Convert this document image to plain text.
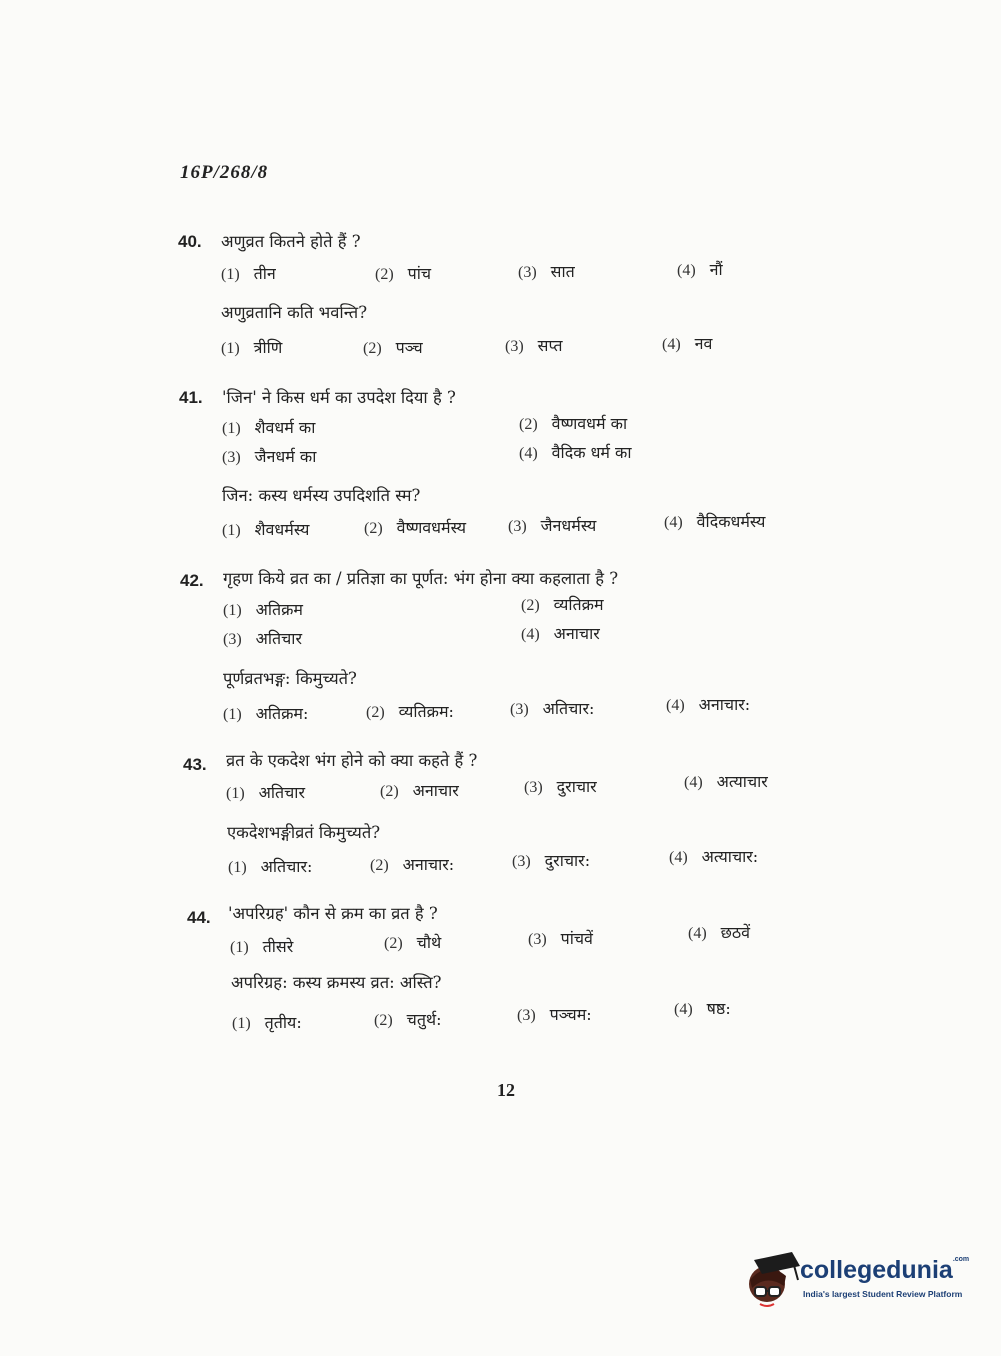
16P/268/8
40. अणुव्रत कितने होते हैं ?
(1) तीन	(2) पांच	(3) सात	(4) नौं
अणुव्रतानि कति भवन्ति?
(1) त्रीणि	(2) पञ्च	(3) सप्त	(4) नव
41. 'जिन' ने किस धर्म का उपदेश दिया है ?
(1) शैवधर्म का	(2) वैष्णवधर्म का
(3) जैनधर्म का	(4) वैदिक धर्म का
जिन: कस्य धर्मस्य उपदिशति स्म?
(1) शैवधर्मस्य	(2) वैष्णवधर्मस्य	(3) जैनधर्मस्य	(4) वैदिकधर्मस्य
42. गृहण किये व्रत का / प्रतिज्ञा का पूर्णत: भंग होना क्या कहलाता है ?
(1) अतिक्रम	(2) व्यतिक्रम
(3) अतिचार	(4) अनाचार
पूर्णव्रतभङ्ग: किमुच्यते?
(1) अतिक्रम:	(2) व्यतिक्रम:	(3) अतिचार:	(4) अनाचार:
43. व्रत के एकदेश भंग होने को क्या कहते हैं ?
(1) अतिचार	(2) अनाचार	(3) दुराचार	(4) अत्याचार
एकदेशभङ्गीव्रतं किमुच्यते?
(1) अतिचार:	(2) अनाचार:	(3) दुराचार:	(4) अत्याचार:
44. 'अपरिग्रह' कौन से क्रम का व्रत है ?
(1) तीसरे	(2) चौथे	(3) पांचवें	(4) छठवें
अपरिग्रह: कस्य क्रमस्य व्रत: अस्ति?
(1) तृतीय:	(2) चतुर्थ:	(3) पञ्चम:	(4) षष्ठ:
12
collegedunia$^{.com}$
India's largest Student Review Platform
